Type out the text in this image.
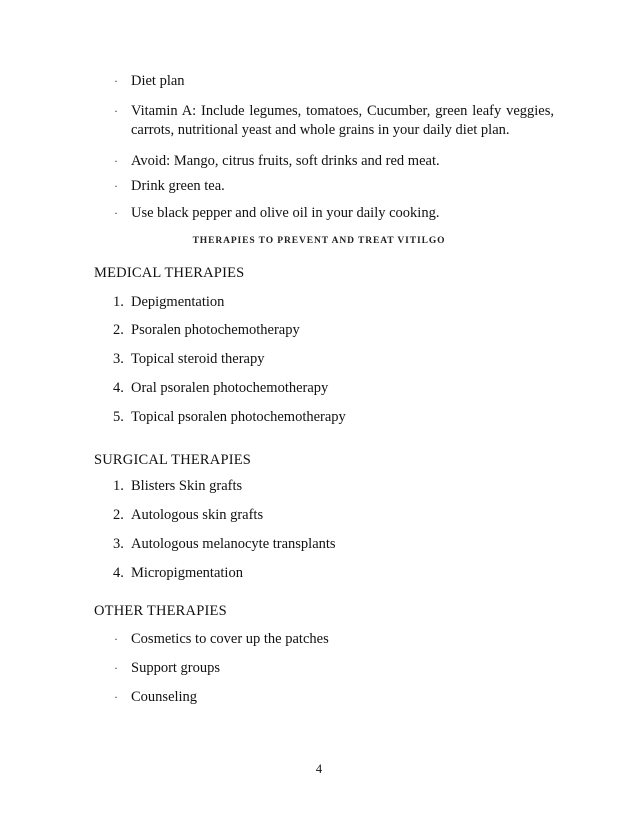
· Diet plan
· Vitamin A: Include legumes, tomatoes, Cucumber, green leafy veggies, carrots, nutritional yeast and whole grains in your daily diet plan.
· Avoid: Mango, citrus fruits, soft drinks and red meat.
· Drink green tea.
· Use black pepper and olive oil in your daily cooking.
THERAPIES TO PREVENT AND TREAT VITILGO
MEDICAL THERAPIES
1. Depigmentation
2. Psoralen photochemotherapy
3. Topical steroid therapy
4. Oral psoralen photochemotherapy
5. Topical psoralen photochemotherapy
SURGICAL THERAPIES
1. Blisters Skin grafts
2. Autologous skin grafts
3. Autologous melanocyte transplants
4. Micropigmentation
OTHER THERAPIES
· Cosmetics to cover up the patches
· Support groups
· Counseling
4
